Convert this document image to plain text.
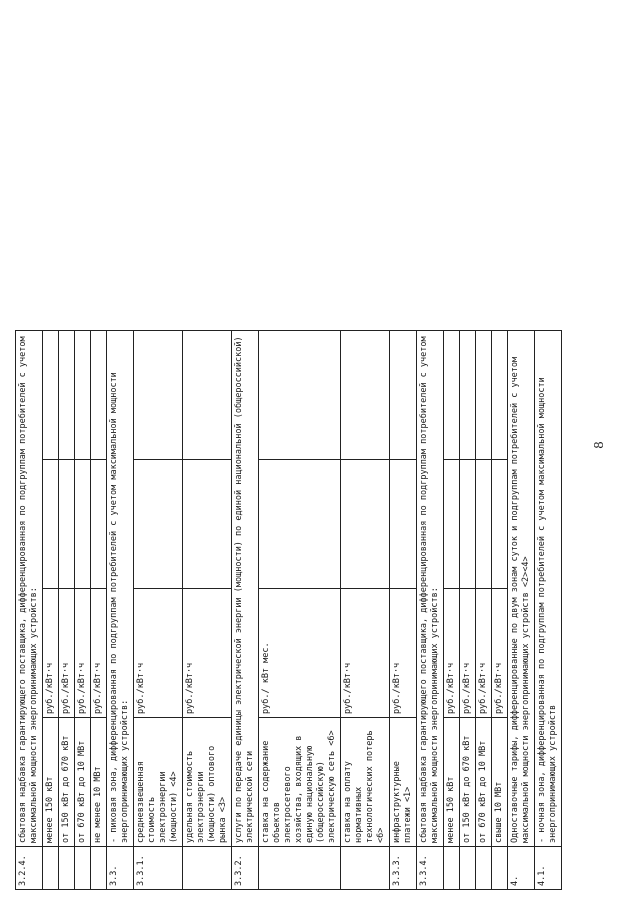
3.2.4.	сбытовая надбавка гарантирующего поставщика, дифференцированная по подгруппам потребителей с учетом максимальной мощности энергопринимающих устройств:			
	менее 150 кВт	руб./кВт·ч		
	от 150 кВт до 670 кВт	руб./кВт·ч		
	от 670 кВт до 10 МВт	руб./кВт·ч		
	не менее 10 МВт	руб./кВт·ч		
3.3.	- пиковая зона, дифференцированная по подгруппам потребителей с учетом максимальной мощности энергопринимающих устройств:			
3.3.1.	средневзвешенная стоимость электроэнергии (мощности) <4>	руб./кВт·ч		
	удельная стоимость электроэнергии (мощности) оптового рынка <3>	руб./кВт·ч		
3.3.2.	услуги по передаче единицы электрической энергии (мощности) по единой национальной (общероссийской) электрической сети			
	ставка на содержание объектов электросетевого хозяйства, входящих в единую национальную (общероссийскую) электрическую сеть <6>	руб./ кВт мес.		
	ставка на оплату нормативных технологических потерь <6>	руб./кВт·ч		
3.3.3.	инфраструктурные платежи <1>	руб./кВт·ч		
3.3.4.	сбытовая надбавка гарантирующего поставщика, дифференцированная по подгруппам потребителей с учетом максимальной мощности энергопринимающих устройств:			
	менее 150 кВт	руб./кВт·ч		
	от 150 кВт до 670 кВт	руб./кВт·ч		
	от 670 кВт до 10 МВт	руб./кВт·ч		
	свыше 10 МВт	руб./кВт·ч		
4.	Одноставочные тарифы, дифференцированные по двум зонам суток и подгруппам потребителей с учетом максимальной мощности энергопринимающих устройств <2><4>			
4.1.	- ночная зона, дифференцированная по подгруппам потребителей с учетом максимальной мощности энергопринимающих устройств			
8
